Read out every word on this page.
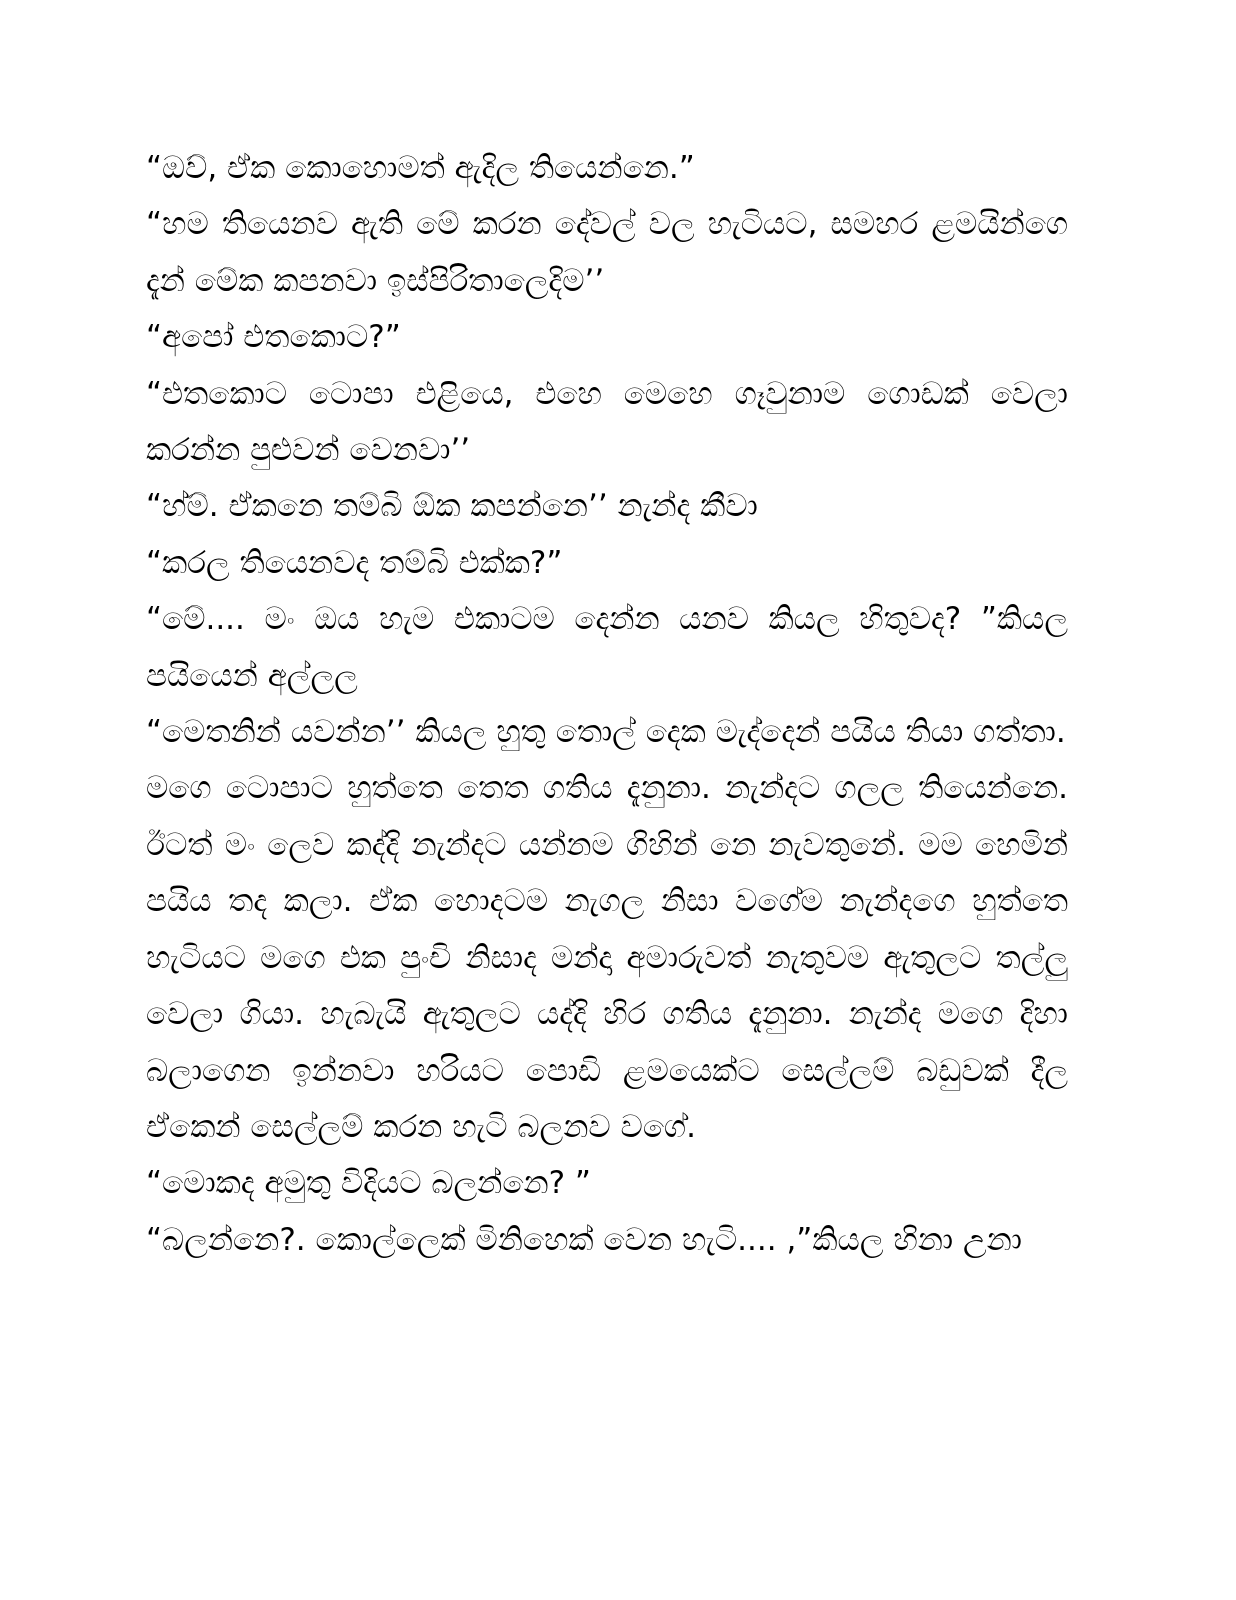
“ඔව්, ඒක කොහොමත් ඇදිල තියෙන්නෙ.”

“හම තියෙනව ඇති මේ කරන දේවල් වල හැටියට, සමහර ළමයින්ගෙ දැන් මේක කපනවා ඉස්පිරිතාලෙදිම’’

“අපෝ එතකොට?”

“එතකොට ටොපා එළියෙ, එහෙ මෙහෙ ගෑවුනාම ගොඩක් වෙලා කරන්න පුළුවන් වෙනවා’’

“හ්ම්. ඒකනෙ තම්බි ඕක කපන්නෙ’’ නැන්ද කීවා

“කරල තියෙනවද තම්බි එක්ක?”

“මේ.... මං ඔය හැම එකාටම දෙන්න යනව කියල හිතුවද? ”කියල පයියෙන් අල්ලල

“මෙතනින් යවන්න’’ කියල හුතු තොල් දෙක මැද්දෙන් පයිය තියා ගත්තා.

මගෙ ටොපාට හුත්තෙ තෙත ගතිය දැනුනා. නැන්දට ගලල තියෙන්නෙ. ඊටත් මං ලෙව කද්දි නැන්දට යන්නම ගිහින් නෙ නැවතුනේ. මම හෙමින් පයිය තද කලා. ඒක හොදටම නැගල නිසා වගේම නැන්දගෙ හුත්තෙ හැටියට මගෙ එක පුංචි නිසාද මන්දා අමාරුවත් නැතුවම ඇතුලට තල්ලු වෙලා ගියා. හැබැයි ඇතුලට යද්දි හිර ගතිය දැනුනා. නැන්ද මගෙ දිහා බලාගෙන ඉන්නවා හරියට පොඩි ළමයෙක්ට සෙල්ලම් බඩුවක් දීල ඒකෙන් සෙල්ලම් කරන හැටි බලනව වගේ.

“මොකද අමුතු විදියට බලන්නෙ? ”

“බලන්නෙ?. කොල්ලෙක් මිනිහෙක් වෙන හැටි.... ,”කියල හිනා උනා
